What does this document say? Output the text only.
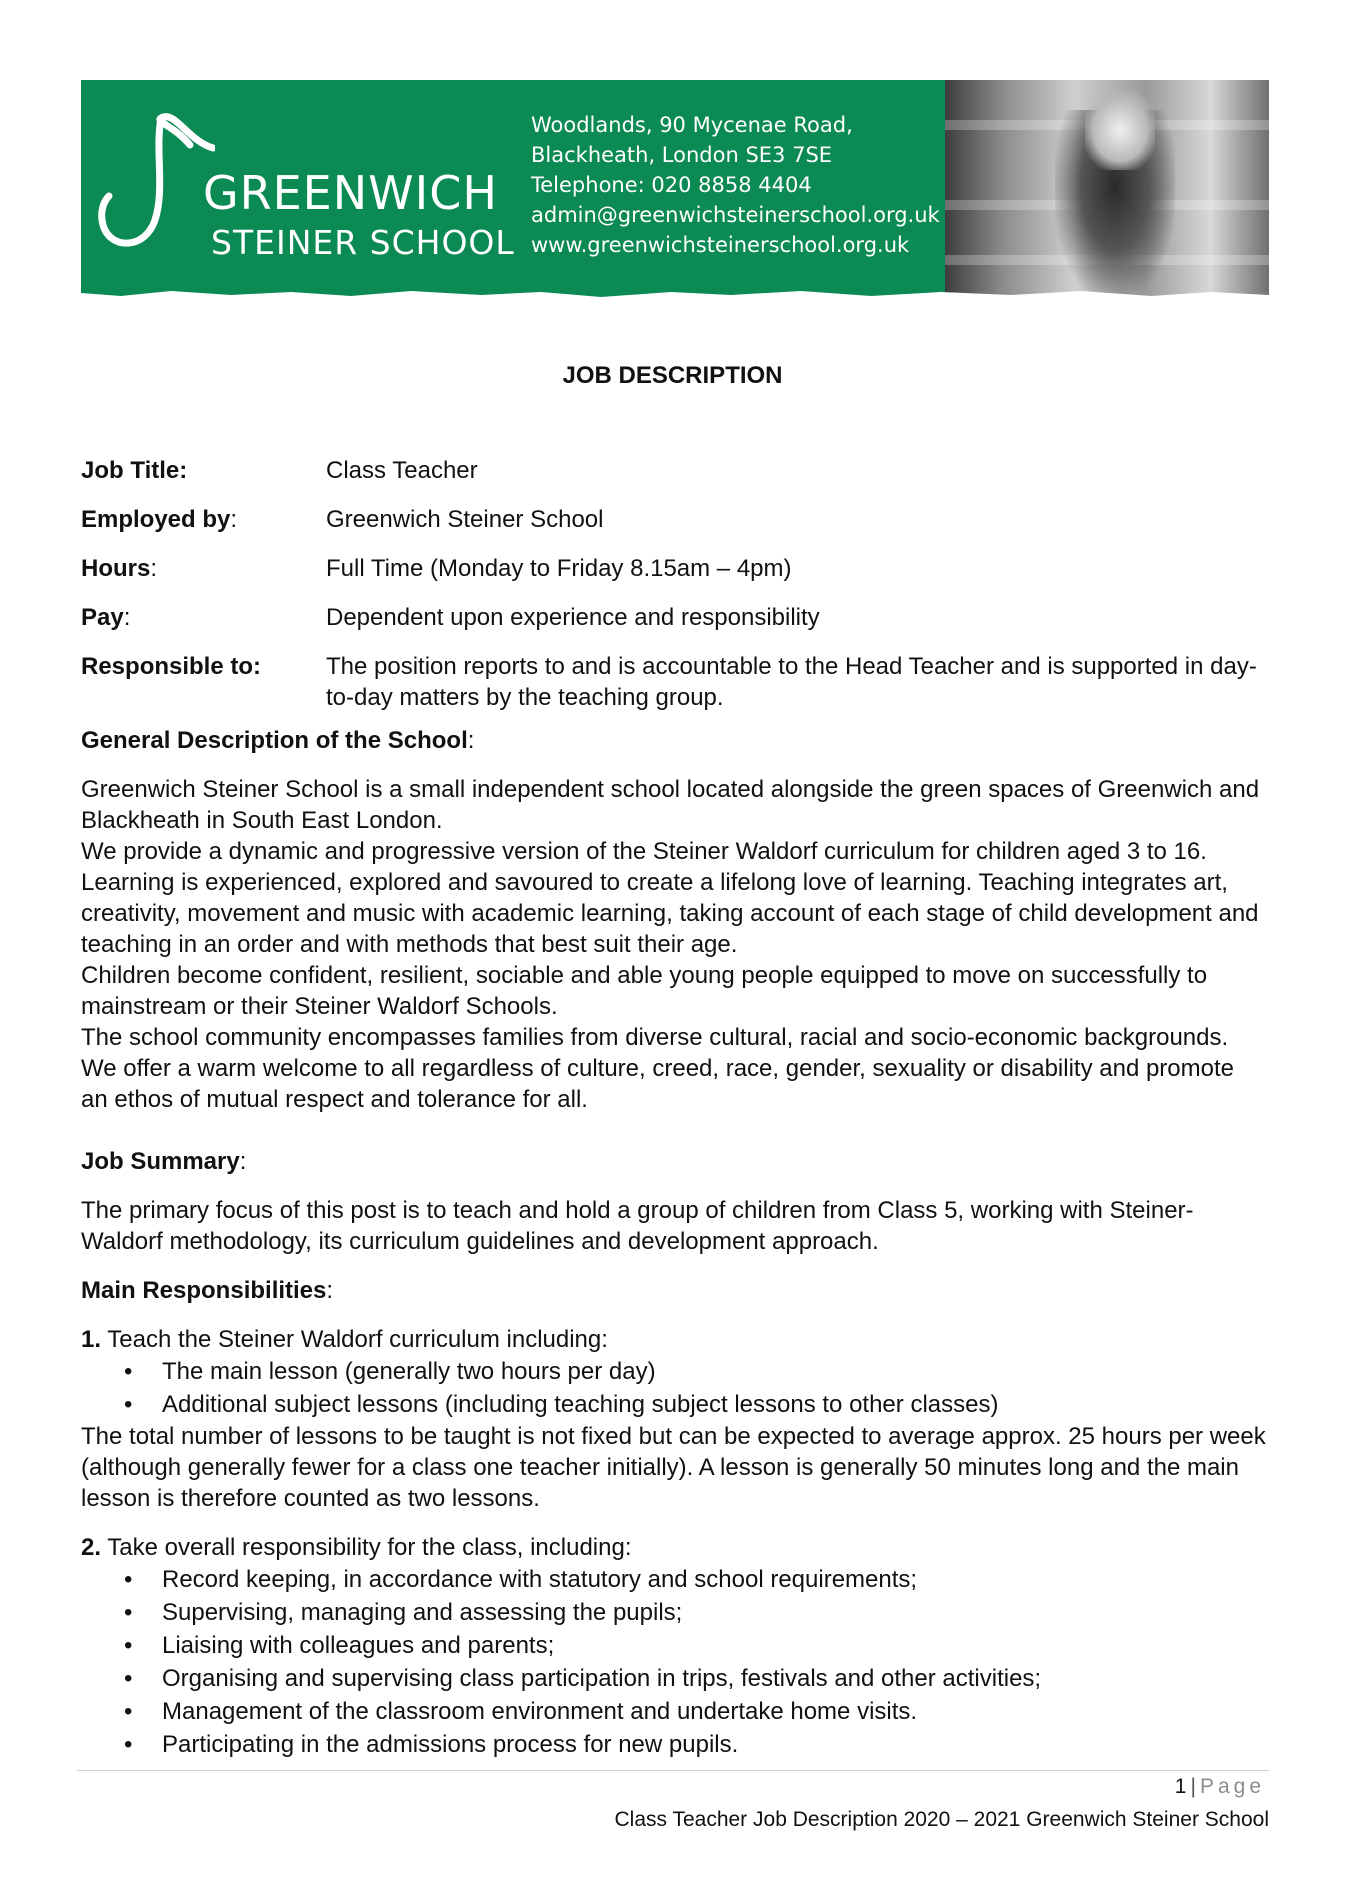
GREENWICH
STEINER SCHOOL
Woodlands, 90 Mycenae Road,
Blackheath, London SE3 7SE
Telephone: 020 8858 4404
admin@greenwichsteinerschool.org.uk
www.greenwichsteinerschool.org.uk
JOB DESCRIPTION
Job Title:	Class Teacher
Employed by:	Greenwich Steiner School
Hours:	Full Time (Monday to Friday 8.15am – 4pm)
Pay:	Dependent upon experience and responsibility
Responsible to:	The position reports to and is accountable to the Head Teacher and is supported in day-to-day matters by the teaching group.
General Description of the School:

Greenwich Steiner School is a small independent school located alongside the green spaces of Greenwich and Blackheath in South East London.

We provide a dynamic and progressive version of the Steiner Waldorf curriculum for children aged 3 to 16. Learning is experienced, explored and savoured to create a lifelong love of learning. Teaching integrates art, creativity, movement and music with academic learning, taking account of each stage of child development and teaching in an order and with methods that best suit their age.

Children become confident, resilient, sociable and able young people equipped to move on successfully to mainstream or their Steiner Waldorf Schools.

The school community encompasses families from diverse cultural, racial and socio-economic backgrounds. We offer a warm welcome to all regardless of culture, creed, race, gender, sexuality or disability and promote an ethos of mutual respect and tolerance for all.

Job Summary:

The primary focus of this post is to teach and hold a group of children from Class 5, working with Steiner-Waldorf methodology, its curriculum guidelines and development approach.

Main Responsibilities:

1. Teach the Steiner Waldorf curriculum including:

• The main lesson (generally two hours per day)
• Additional subject lessons (including teaching subject lessons to other classes)

The total number of lessons to be taught is not fixed but can be expected to average approx. 25 hours per week (although generally fewer for a class one teacher initially). A lesson is generally 50 minutes long and the main lesson is therefore counted as two lessons.

2. Take overall responsibility for the class, including:

• Record keeping, in accordance with statutory and school requirements;
• Supervising, managing and assessing the pupils;
• Liaising with colleagues and parents;
• Organising and supervising class participation in trips, festivals and other activities;
• Management of the classroom environment and undertake home visits.
• Participating in the admissions process for new pupils.
1 | Page
Class Teacher Job Description 2020 – 2021 Greenwich Steiner School
